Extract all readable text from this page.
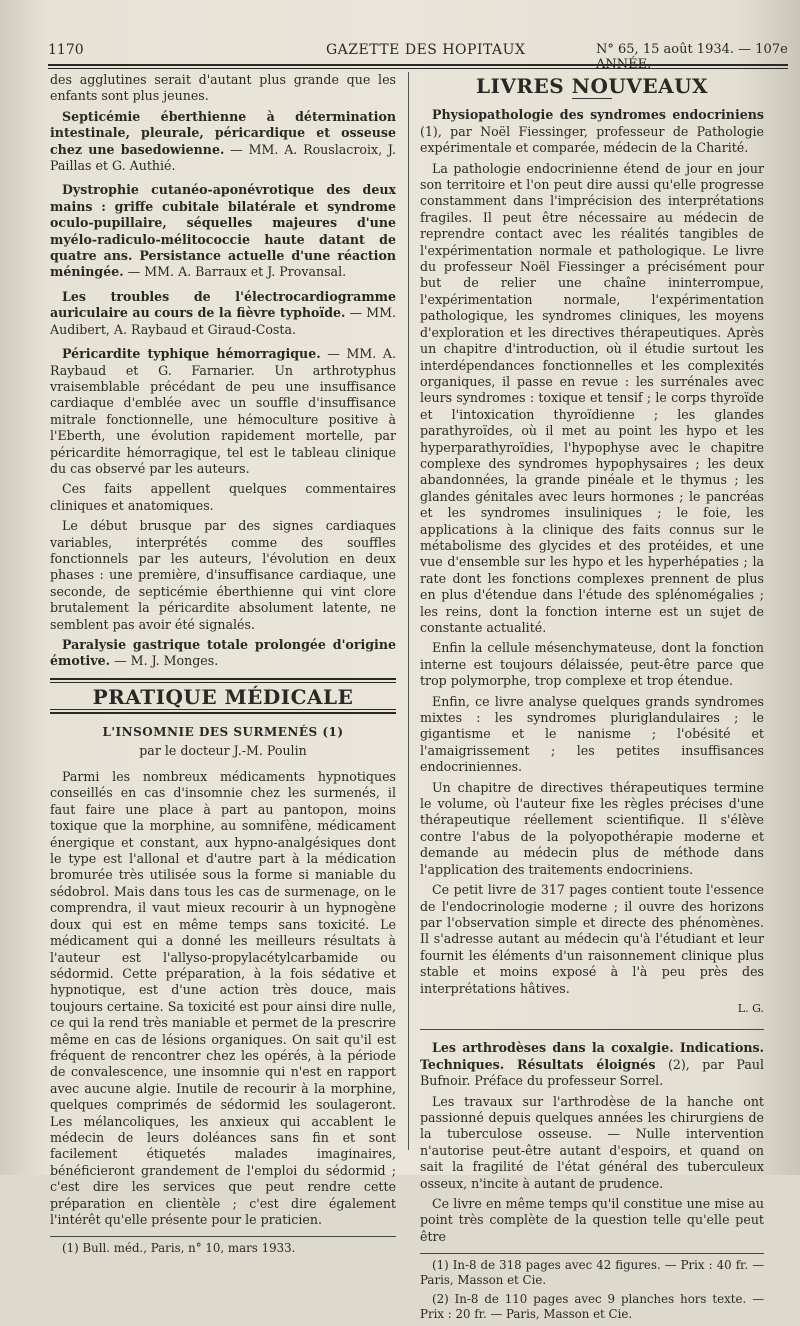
1170	GAZETTE DES HOPITAUX	N° 65, 15 août 1934. — 107e ANNÉE.

des agglutines serait d'autant plus grande que les enfants sont plus jeunes.

Septicémie éberthienne à détermination intestinale, pleurale, péricardique et osseuse chez une basedowienne. — MM. A. Rouslacroix, J. Paillas et G. Authié.
Dystrophie cutanéo-aponévrotique des deux mains : griffe cubitale bilatérale et syndrome oculo-pupillaire, séquelles majeures d'une myélo-radiculo-mélitococcie haute datant de quatre ans. Persistance actuelle d'une réaction méningée. — MM. A. Barraux et J. Provansal.
Les troubles de l'électrocardiogramme auriculaire au cours de la fièvre typhoïde. — MM. Audibert, A. Raybaud et Giraud-Costa.

Péricardite typhique hémorragique. — MM. A. Raybaud et G. Farnarier. Un arthrotyphus vraisemblable précédant de peu une insuffisance cardiaque d'emblée avec un souffle d'insuffisance mitrale fonctionnelle, une hémoculture positive à l'Eberth, une évolution rapidement mortelle, par péricardite hémorragique, tel est le tableau clinique du cas observé par les auteurs.

Ces faits appellent quelques commentaires cliniques et anatomiques.

Le début brusque par des signes cardiaques variables, interprétés comme des souffles fonctionnels par les auteurs, l'évolution en deux phases : une première, d'insuffisance cardiaque, une seconde, de septicémie éberthienne qui vint clore brutalement la péricardite absolument latente, ne semblent pas avoir été signalés.

Paralysie gastrique totale prolongée d'origine émotive. — M. J. Monges.
PRATIQUE MÉDICALE
L'INSOMNIE DES SURMENÉS (1)
par le docteur J.-M. Poulin

Parmi les nombreux médicaments hypnotiques conseillés en cas d'insomnie chez les surmenés, il faut faire une place à part au pantopon, moins toxique que la morphine, au somnifène, médicament énergique et constant, aux hypno-analgésiques dont le type est l'allonal et d'autre part à la médication bromurée très utilisée sous la forme si maniable du sédobrol. Mais dans tous les cas de surmenage, on le comprendra, il vaut mieux recourir à un hypnogène doux qui est en même temps sans toxicité. Le médicament qui a donné les meilleurs résultats à l'auteur est l'allyso-propylacétylcarbamide ou sédormid. Cette préparation, à la fois sédative et hypnotique, est d'une action très douce, mais toujours certaine. Sa toxicité est pour ainsi dire nulle, ce qui la rend très maniable et permet de la prescrire même en cas de lésions organiques. On sait qu'il est fréquent de rencontrer chez les opérés, à la période de convalescence, une insomnie qui n'est en rapport avec aucune algie. Inutile de recourir à la morphine, quelques comprimés de sédormid les soulageront. Les mélancoliques, les anxieux qui accablent le médecin de leurs doléances sans fin et sont facilement étiquetés malades imaginaires, bénéficieront grandement de l'emploi du sédormid ; c'est dire les services que peut rendre cette préparation en clientèle ; c'est dire également l'intérêt qu'elle présente pour le praticien.

(1) Bull. méd., Paris, n° 10, mars 1933.

LIVRES NOUVEAUX

Physiopathologie des syndromes endocriniens (1), par Noël Fiessinger, professeur de Pathologie expérimentale et comparée, médecin de la Charité.

La pathologie endocrinienne étend de jour en jour son territoire et l'on peut dire aussi qu'elle progresse constamment dans l'imprécision des interprétations fragiles. Il peut être nécessaire au médecin de reprendre contact avec les réalités tangibles de l'expérimentation normale et pathologique. Le livre du professeur Noël Fiessinger a précisément pour but de relier une chaîne ininterrompue, l'expérimentation normale, l'expérimentation pathologique, les syndromes cliniques, les moyens d'exploration et les directives thérapeutiques. Après un chapitre d'introduction, où il étudie surtout les interdépendances fonctionnelles et les complexités organiques, il passe en revue : les surrénales avec leurs syndromes : toxique et tensif ; le corps thyroïde et l'intoxication thyroïdienne ; les glandes parathyroïdes, où il met au point les hypo et les hyperparathyroïdies, l'hypophyse avec le chapitre complexe des syndromes hypophysaires ; les deux abandonnées, la grande pinéale et le thymus ; les glandes génitales avec leurs hormones ; le pancréas et les syndromes insuliniques ; le foie, les applications à la clinique des faits connus sur le métabolisme des glycides et des protéides, et une vue d'ensemble sur les hypo et les hyperhépaties ; la rate dont les fonctions complexes prennent de plus en plus d'étendue dans l'étude des splénomégalies ; les reins, dont la fonction interne est un sujet de constante actualité.

Enfin la cellule mésenchymateuse, dont la fonction interne est toujours délaissée, peut-être parce que trop polymorphe, trop complexe et trop étendue.

Enfin, ce livre analyse quelques grands syndromes mixtes : les syndromes pluriglandulaires ; le gigantisme et le nanisme ; l'obésité et l'amaigrissement ; les petites insuffisances endocriniennes.

Un chapitre de directives thérapeutiques termine le volume, où l'auteur fixe les règles précises d'une thérapeutique réellement scientifique. Il s'élève contre l'abus de la polyopothérapie moderne et demande au médecin plus de méthode dans l'application des traitements endocriniens.

Ce petit livre de 317 pages contient toute l'essence de l'endocrinologie moderne ; il ouvre des horizons par l'observation simple et directe des phénomènes. Il s'adresse autant au médecin qu'à l'étudiant et leur fournit les éléments d'un raisonnement clinique plus stable et moins exposé à l'à peu près des interprétations hâtives.

L. G.

Les arthrodèses dans la coxalgie. Indications. Techniques. Résultats éloignés (2), par Paul Bufnoir. Préface du professeur Sorrel.

Les travaux sur l'arthrodèse de la hanche ont passionné depuis quelques années les chirurgiens de la tuberculose osseuse. — Nulle intervention n'autorise peut-être autant d'espoirs, et quand on sait la fragilité de l'état général des tuberculeux osseux, n'incite à autant de prudence.

Ce livre en même temps qu'il constitue une mise au point très complète de la question telle qu'elle peut être

(1) In-8 de 318 pages avec 42 figures. — Prix : 40 fr. — Paris, Masson et Cie.

(2) In-8 de 110 pages avec 9 planches hors texte. — Prix : 20 fr. — Paris, Masson et Cie.
